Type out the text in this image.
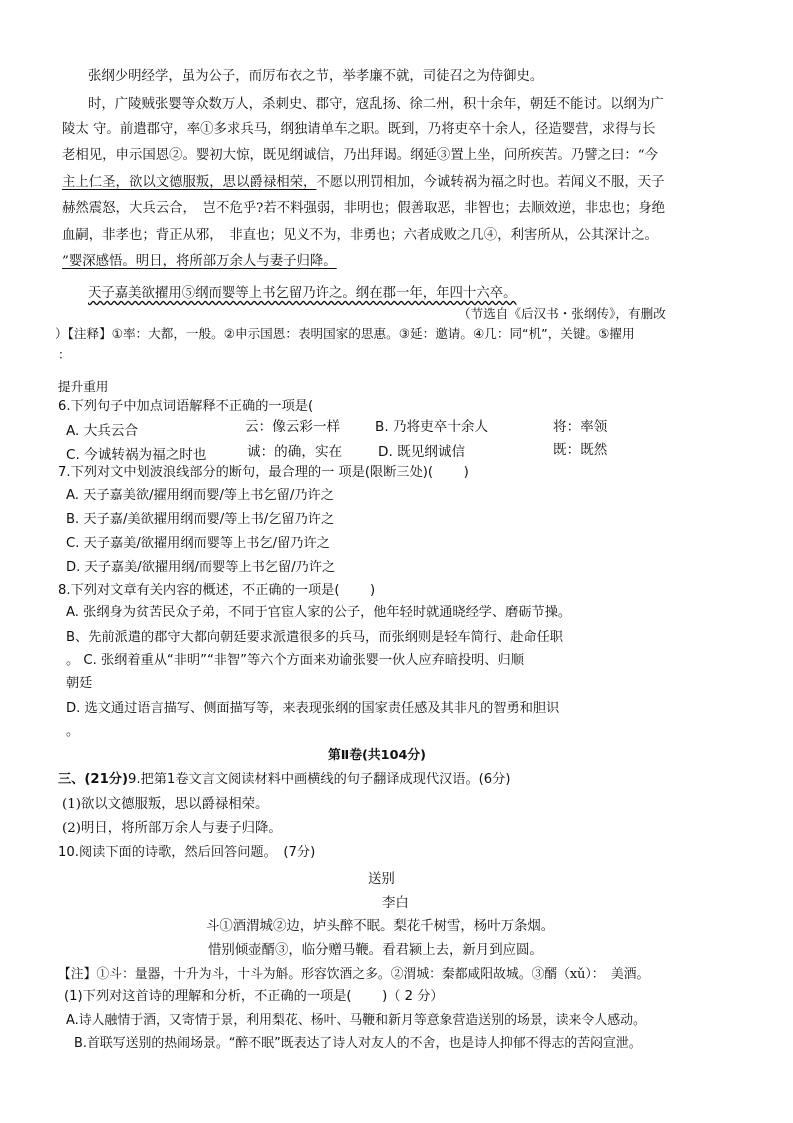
张纲少明经学，虽为公子，而厉布衣之节，举孝廉不就，司徒召之为侍御史。
时，广陵贼张婴等众数万人，杀刺史、郡守，寇乱扬、徐二州，积十余年，朝廷不能讨。以纲为广
陵太 守。前遣郡守，率①多求兵马，纲独请单车之职。既到，乃将吏卒十余人，径造婴营，求得与长
老相见，申示国恩②。婴初大惊，既见纲诚信，乃出拜谒。纲延③置上坐，问所疾苦。乃譬之曰：“今
主上仁圣，欲以文德服叛，思以爵禄相荣，不愿以刑罚相加，今诚转祸为福之时也。若闻义不服，天子
赫然震怒，大兵云合，　岂不危乎?若不料强弱，非明也；假善取恶，非智也；去顺效逆，非忠也；身绝
血嗣，非孝也；背正从邪，　非直也；见义不为，非勇也；六者成败之几④，利害所从，公其深计之。
”婴深感悟。明日，将所部万余人与妻子归降。
天子嘉美欲擢用⑤纲而婴等上书乞留乃许之。纲在郡一年，年四十六卒。
（节选自《后汉书・张纲传》，有删改
）【注释】①率：大都，一般。②申示国恩：表明国家的思惠。③延：邀请。④几：同“机”，关键。⑤擢用
：
提升重用
6.下列句子中加点词语解释不正确的一项是(
A. 大兵云合	云：像云彩一样	B. 乃将吏卒十余人	将：率领
C. 今诚转祸为福之时也	诚：的确，实在	D. 既见纲诚信	既：既然
7.下列对文中划波浪线部分的断句，最合理的一 项是(限断三处)(　　 )
A. 天子嘉美欲/擢用纲而婴/等上书乞留/乃许之
B. 天子嘉/美欲擢用纲而婴/等上书/乞留乃许之
C. 天子嘉美/欲擢用纲而婴等上书乞/留乃许之
D. 天子嘉美/欲擢用纲/而婴等上书乞留/乃许之
8.下列对文章有关内容的概述，不正确的一项是(　　 )
A. 张纲身为贫苦民众子弟，不同于官宦人家的公子，他年轻时就通晓经学、磨砺节操。
B、先前派遣的郡守大都向朝廷要求派遣很多的兵马，而张纲则是轻车简行、赴命任职
。 C. 张纲着重从“非明”“非智”等六个方面来劝谕张婴一伙人应弃暗投明、归顺
朝廷
D. 选文通过语言描写、侧面描写等，来表现张纲的国家责任感及其非凡的智勇和胆识
。
第Ⅱ卷(共104分)
三、(21分)9.把第1卷文言文阅读材料中画横线的句子翻译成现代汉语。(6分)
(1)欲以文德服叛，思以爵禄相荣。
(2)明日，将所部万余人与妻子归降。
10.阅读下面的诗歌，然后回答问题。　(7分)
送别
李白
斗①酒渭城②边，垆头醉不眠。梨花千树雪，杨叶万条烟。
惜别倾壶醑③，临分赠马鞭。看君颍上去，新月到应圆。
【注】①斗：量器，十升为斗，十斗为斛。形容饮酒之多。②渭城：秦都咸阳故城。③醑（xǔ）：　美酒。
(1)下列对这首诗的理解和分析，不正确的一项是(　　 )（ 2 分）
A.诗人融情于酒，又寄情于景，利用梨花、杨叶、马鞭和新月等意象营造送别的场景，读来令人感动。
B.首联写送别的热闹场景。“醉不眠”既表达了诗人对友人的不舍，也是诗人抑郁不得志的苦闷宣泄。
